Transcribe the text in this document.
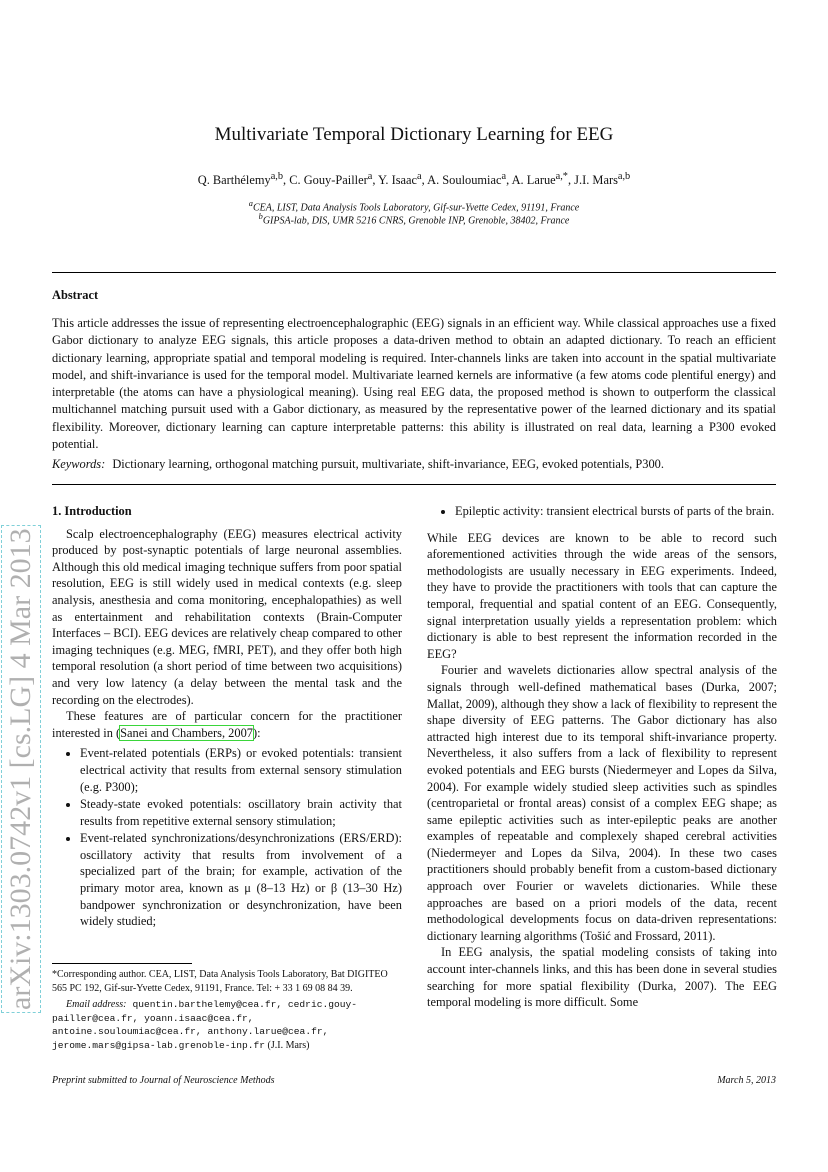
arXiv:1303.0742v1 [cs.LG] 4 Mar 2013
Multivariate Temporal Dictionary Learning for EEG
Q. Barthélemy$^{a,b}$, C. Gouy-Pailler$^a$, Y. Isaac$^a$, A. Souloumiac$^a$, A. Larue$^{a,*}$, J.I. Mars$^{a,b}$
$^a$CEA, LIST, Data Analysis Tools Laboratory, Gif-sur-Yvette Cedex, 91191, France
$^b$GIPSA-lab, DIS, UMR 5216 CNRS, Grenoble INP, Grenoble, 38402, France
Abstract
This article addresses the issue of representing electroencephalographic (EEG) signals in an efficient way. While classical approaches use a fixed Gabor dictionary to analyze EEG signals, this article proposes a data-driven method to obtain an adapted dictionary. To reach an efficient dictionary learning, appropriate spatial and temporal modeling is required. Inter-channels links are taken into account in the spatial multivariate model, and shift-invariance is used for the temporal model. Multivariate learned kernels are informative (a few atoms code plentiful energy) and interpretable (the atoms can have a physiological meaning). Using real EEG data, the proposed method is shown to outperform the classical multichannel matching pursuit used with a Gabor dictionary, as measured by the representative power of the learned dictionary and its spatial flexibility. Moreover, dictionary learning can capture interpretable patterns: this ability is illustrated on real data, learning a P300 evoked potential.
Keywords: Dictionary learning, orthogonal matching pursuit, multivariate, shift-invariance, EEG, evoked potentials, P300.

1. Introduction

Scalp electroencephalography (EEG) measures electrical activity produced by post-synaptic potentials of large neuronal assemblies. Although this old medical imaging technique suffers from poor spatial resolution, EEG is still widely used in medical contexts (e.g. sleep analysis, anesthesia and coma monitoring, encephalopathies) as well as entertainment and rehabilitation contexts (Brain-Computer Interfaces – BCI). EEG devices are relatively cheap compared to other imaging techniques (e.g. MEG, fMRI, PET), and they offer both high temporal resolution (a short period of time between two acquisitions) and very low latency (a delay between the mental task and the recording on the electrodes).

These features are of particular concern for the practitioner interested in (Sanei and Chambers, 2007):

• Event-related potentials (ERPs) or evoked potentials: transient electrical activity that results from external sensory stimulation (e.g. P300);
• Steady-state evoked potentials: oscillatory brain activity that results from repetitive external sensory stimulation;
• Event-related synchronizations/desynchronizations (ERS/ERD): oscillatory activity that results from involvement of a specialized part of the brain; for example, activation of the primary motor area, known as μ (8–13 Hz) or β (13–30 Hz) bandpower synchronization or desynchronization, have been widely studied;
*Corresponding author. CEA, LIST, Data Analysis Tools Laboratory, Bat DIGITEO 565 PC 192, Gif-sur-Yvette Cedex, 91191, France. Tel: + 33 1 69 08 84 39.
Email address: quentin.barthelemy@cea.fr, cedric.gouy-pailler@cea.fr, yoann.isaac@cea.fr, antoine.souloumiac@cea.fr, anthony.larue@cea.fr, jerome.mars@gipsa-lab.grenoble-inp.fr (J.I. Mars)
• Epileptic activity: transient electrical bursts of parts of the brain.

While EEG devices are known to be able to record such aforementioned activities through the wide areas of the sensors, methodologists are usually necessary in EEG experiments. Indeed, they have to provide the practitioners with tools that can capture the temporal, frequential and spatial content of an EEG. Consequently, signal interpretation usually yields a representation problem: which dictionary is able to best represent the information recorded in the EEG?

Fourier and wavelets dictionaries allow spectral analysis of the signals through well-defined mathematical bases (Durka, 2007; Mallat, 2009), although they show a lack of flexibility to represent the shape diversity of EEG patterns. The Gabor dictionary has also attracted high interest due to its temporal shift-invariance property. Nevertheless, it also suffers from a lack of flexibility to represent evoked potentials and EEG bursts (Niedermeyer and Lopes da Silva, 2004). For example widely studied sleep activities such as spindles (centroparietal or frontal areas) consist of a complex EEG shape; as same epileptic activities such as inter-epileptic peaks are another examples of repeatable and complexely shaped cerebral activities (Niedermeyer and Lopes da Silva, 2004). In these two cases practitioners should probably benefit from a custom-based dictionary approach over Fourier or wavelets dictionaries. While these approaches are based on a priori models of the data, recent methodological developments focus on data-driven representations: dictionary learning algorithms (Tošić and Frossard, 2011).

In EEG analysis, the spatial modeling consists of taking into account inter-channels links, and this has been done in several studies searching for more spatial flexibility (Durka, 2007). The EEG temporal modeling is more difficult. Some

Preprint submitted to Journal of Neuroscience Methods	March 5, 2013
